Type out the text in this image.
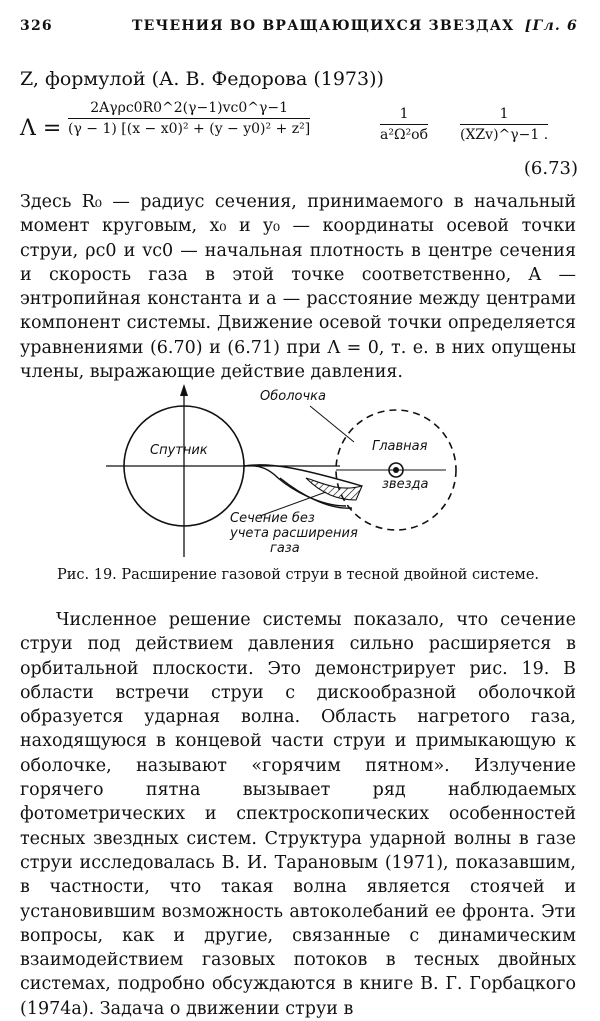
326	ТЕЧЕНИЯ ВО ВРАЩАЮЩИХСЯ ЗВЕЗДАХ [Гл. 6
Z, формулой (А. В. Федорова (1973))
Λ =
2Aγρc0R0^2(γ−1)vc0^γ−1
(γ − 1) [(x − x0)² + (y − y0)² + z²]
1
a²Ω²об
1
(XZv)^γ−1 .
(6.73)
Здесь R₀ — радиус сечения, принимаемого в начальный момент круговым, x₀ и y₀ — координаты осевой точки струи, ρc0 и vc0 — начальная плотность в центре сечения и скорость газа в этой точке соответственно, A — энтропийная константа и a — расстояние между центрами компонент системы. Движение осевой точки определяется уравнениями (6.70) и (6.71) при Λ = 0, т. е. в них опущены члены, выражающие действие давления.
Оболочка
Спутник	Главная
звезда
Сечение без
учета расширения
газа
Рис. 19. Расширение газовой струи в тесной двойной системе.
Численное решение системы показало, что сечение струи под действием давления сильно расширяется в орбитальной плоскости. Это демонстрирует рис. 19. В области встречи струи с дискообразной оболочкой образуется ударная волна. Область нагретого газа, находящуюся в концевой части струи и примыкающую к оболочке, называют «горячим пятном». Излучение горячего пятна вызывает ряд наблюдаемых фотометрических и спектроскопических особенностей тесных звездных систем. Структура ударной волны в газе струи исследовалась В. И. Тарановым (1971), показавшим, в частности, что такая волна является стоячей и установившим возможность автоколебаний ее фронта. Эти вопросы, как и другие, связанные с динамическим взаимодействием газовых потоков в тесных двойных системах, подробно обсуждаются в книге В. Г. Горбацкого (1974а). Задача о движении струи в
